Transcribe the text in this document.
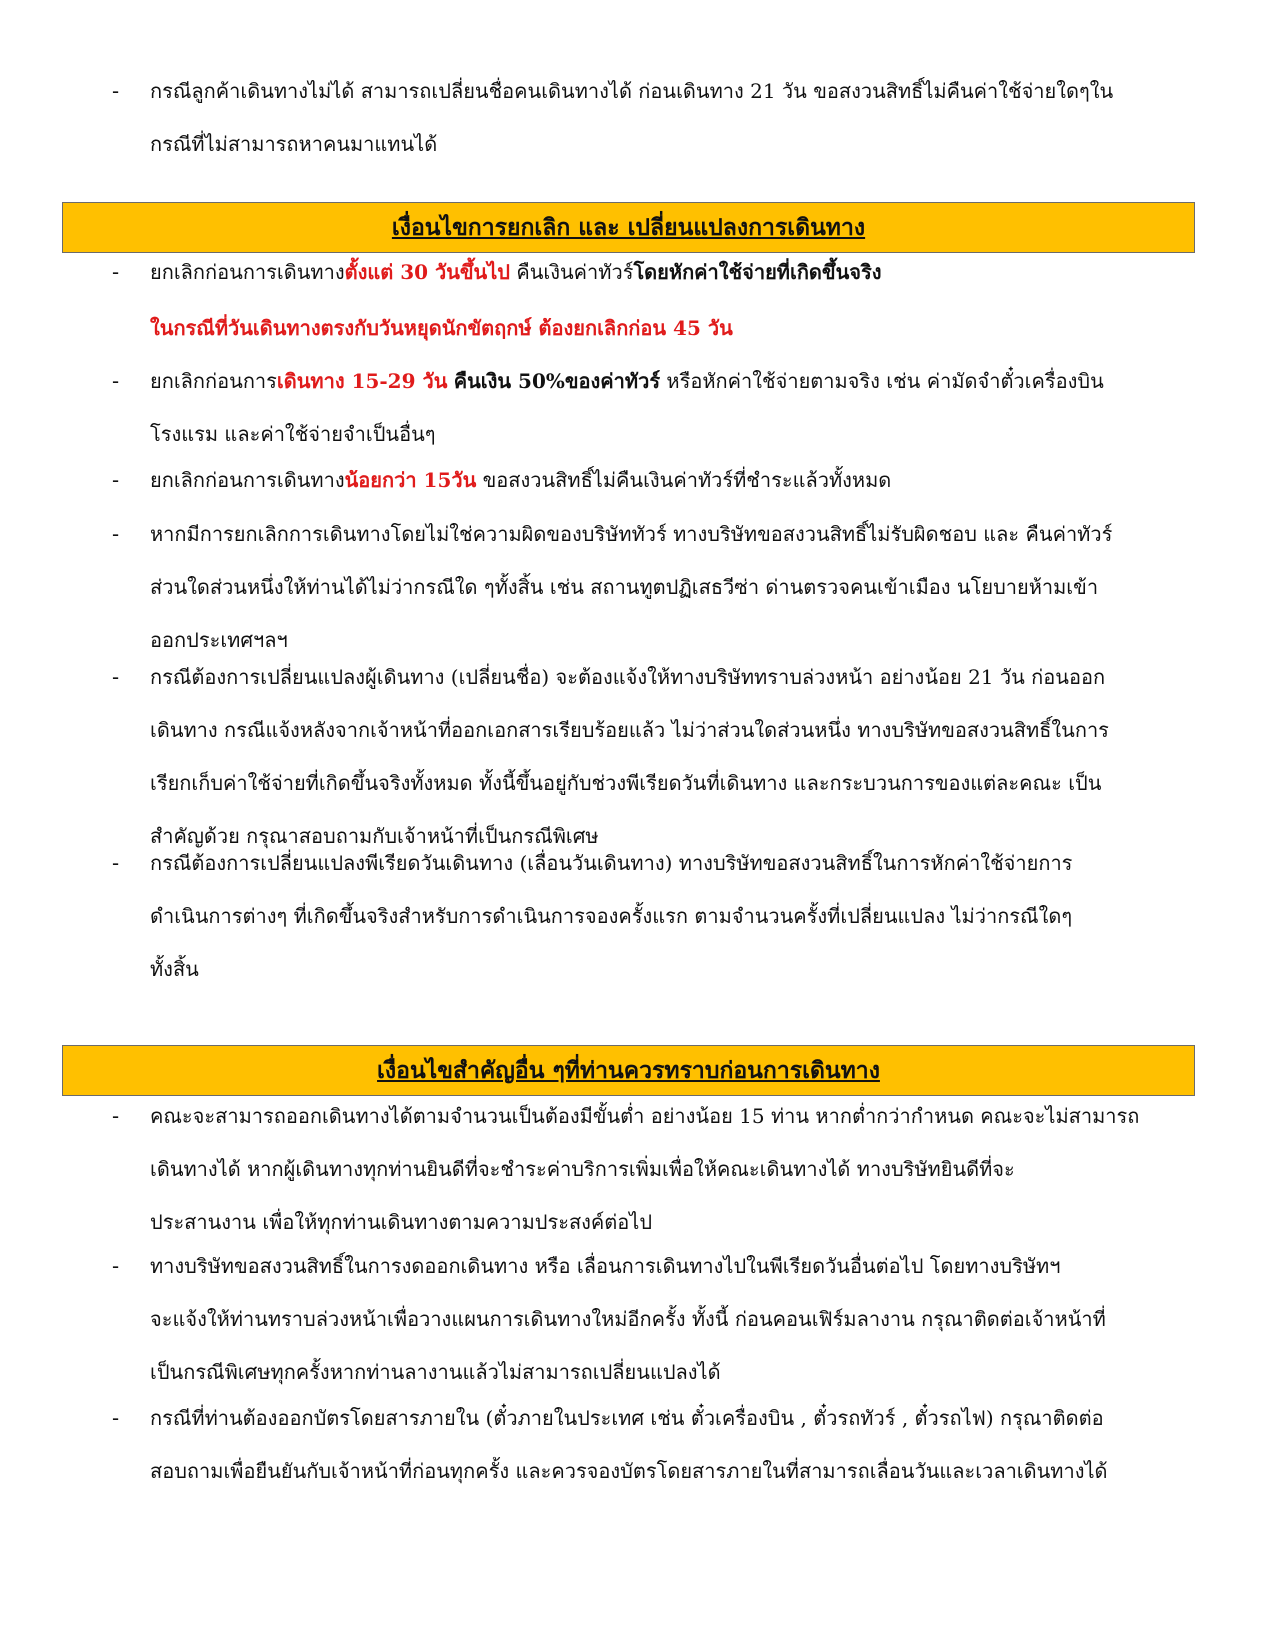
- กรณีลูกค้าเดินทางไม่ได้ สามารถเปลี่ยนชื่อคนเดินทางได้ ก่อนเดินทาง 21 วัน ขอสงวนสิทธิ์ไม่คืนค่าใช้จ่ายใดๆใน
กรณีที่ไม่สามารถหาคนมาแทนได้
เงื่อนไขการยกเลิก และ เปลี่ยนแปลงการเดินทาง
- ยกเลิกก่อนการเดินทางตั้งแต่ 30 วันขึ้นไป คืนเงินค่าทัวร์โดยหักค่าใช้จ่ายที่เกิดขึ้นจริง
ในกรณีที่วันเดินทางตรงกับวันหยุดนักขัตฤกษ์ ต้องยกเลิกก่อน 45 วัน
- ยกเลิกก่อนการเดินทาง 15-29 วัน คืนเงิน 50%ของค่าทัวร์ หรือหักค่าใช้จ่ายตามจริง เช่น ค่ามัดจำตั๋วเครื่องบิน
โรงแรม และค่าใช้จ่ายจำเป็นอื่นๆ
- ยกเลิกก่อนการเดินทางน้อยกว่า 15วัน ขอสงวนสิทธิ์ไม่คืนเงินค่าทัวร์ที่ชำระแล้วทั้งหมด
- หากมีการยกเลิกการเดินทางโดยไม่ใช่ความผิดของบริษัททัวร์ ทางบริษัทขอสงวนสิทธิ์ไม่รับผิดชอบ และ คืนค่าทัวร์
ส่วนใดส่วนหนึ่งให้ท่านได้ไม่ว่ากรณีใด ๆทั้งสิ้น เช่น สถานทูตปฏิเสธวีซ่า ด่านตรวจคนเข้าเมือง นโยบายห้ามเข้า
ออกประเทศฯลฯ
- กรณีต้องการเปลี่ยนแปลงผู้เดินทาง (เปลี่ยนชื่อ) จะต้องแจ้งให้ทางบริษัททราบล่วงหน้า อย่างน้อย 21 วัน ก่อนออก
เดินทาง กรณีแจ้งหลังจากเจ้าหน้าที่ออกเอกสารเรียบร้อยแล้ว ไม่ว่าส่วนใดส่วนหนึ่ง ทางบริษัทขอสงวนสิทธิ์ในการ
เรียกเก็บค่าใช้จ่ายที่เกิดขึ้นจริงทั้งหมด ทั้งนี้ขึ้นอยู่กับช่วงพีเรียดวันที่เดินทาง และกระบวนการของแต่ละคณะ เป็น
สำคัญด้วย กรุณาสอบถามกับเจ้าหน้าที่เป็นกรณีพิเศษ
- กรณีต้องการเปลี่ยนแปลงพีเรียดวันเดินทาง (เลื่อนวันเดินทาง) ทางบริษัทขอสงวนสิทธิ์ในการหักค่าใช้จ่ายการ
ดำเนินการต่างๆ ที่เกิดขึ้นจริงสำหรับการดำเนินการจองครั้งแรก ตามจำนวนครั้งที่เปลี่ยนแปลง ไม่ว่ากรณีใดๆ
ทั้งสิ้น
เงื่อนไขสำคัญอื่น ๆที่ท่านควรทราบก่อนการเดินทาง
- คณะจะสามารถออกเดินทางได้ตามจำนวนเป็นต้องมีขั้นต่ำ อย่างน้อย 15 ท่าน หากต่ำกว่ากำหนด คณะจะไม่สามารถ
เดินทางได้ หากผู้เดินทางทุกท่านยินดีที่จะชำระค่าบริการเพิ่มเพื่อให้คณะเดินทางได้ ทางบริษัทยินดีที่จะ
ประสานงาน เพื่อให้ทุกท่านเดินทางตามความประสงค์ต่อไป
- ทางบริษัทขอสงวนสิทธิ์ในการงดออกเดินทาง หรือ เลื่อนการเดินทางไปในพีเรียดวันอื่นต่อไป โดยทางบริษัทฯ
จะแจ้งให้ท่านทราบล่วงหน้าเพื่อวางแผนการเดินทางใหม่อีกครั้ง ทั้งนี้ ก่อนคอนเฟิร์มลางาน กรุณาติดต่อเจ้าหน้าที่
เป็นกรณีพิเศษทุกครั้งหากท่านลางานแล้วไม่สามารถเปลี่ยนแปลงได้
- กรณีที่ท่านต้องออกบัตรโดยสารภายใน (ตั๋วภายในประเทศ เช่น ตั๋วเครื่องบิน , ตั๋วรถทัวร์ , ตั๋วรถไฟ) กรุณาติดต่อ
สอบถามเพื่อยืนยันกับเจ้าหน้าที่ก่อนทุกครั้ง และควรจองบัตรโดยสารภายในที่สามารถเลื่อนวันและเวลาเดินทางได้
